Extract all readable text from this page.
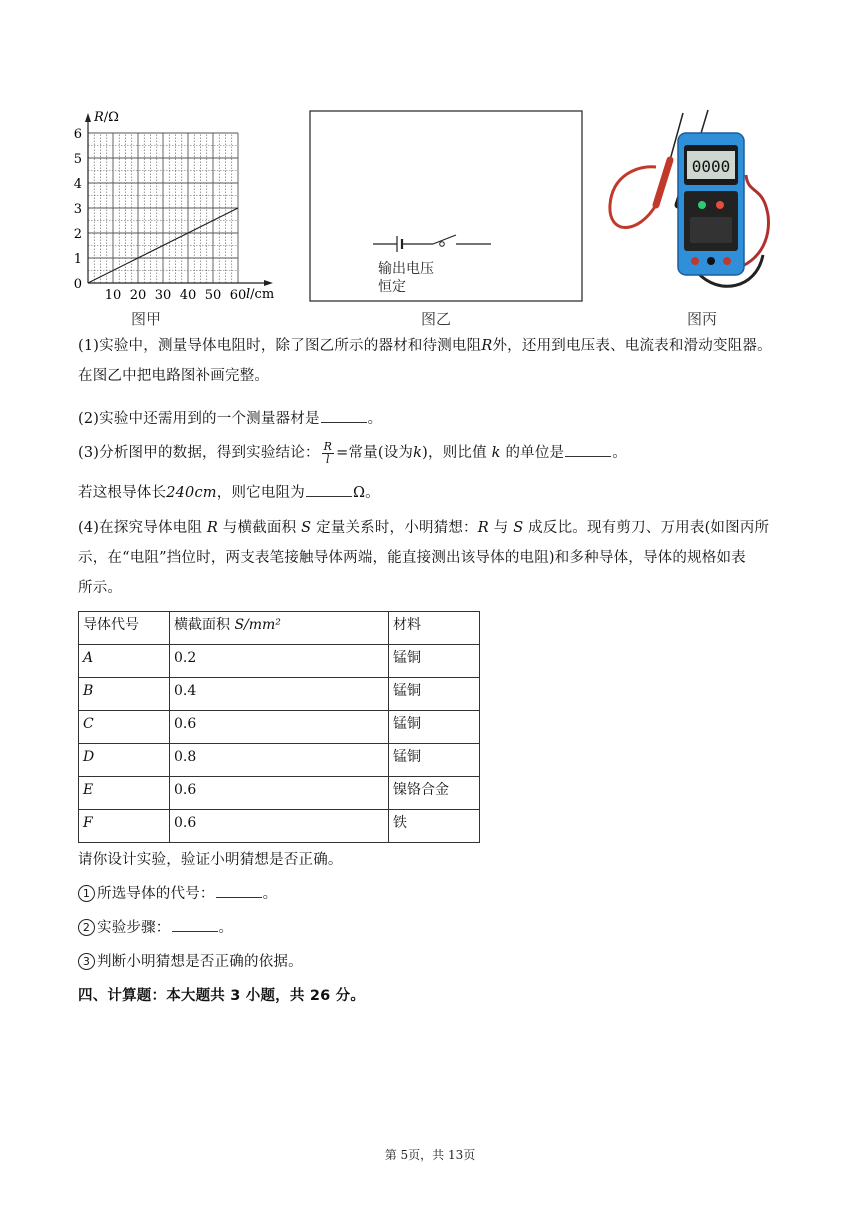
R/Ω
l/cm
0
1
2
3
4
5
6
10 20 30 40 50 60
图甲
输出电压
恒定
图乙
0000
图丙
(1)实验中，测量导体电阻时，除了图乙所示的器材和待测电阻R外，还用到电压表、电流表和滑动变阻器。
在图乙中把电路图补画完整。
(2)实验中还需用到的一个测量器材是	。
(3)分析图甲的数据，得到实验结论： $\frac{R}{l}$ =常量(设为k)，则比值 k 的单位是	。
若这根导体长240cm，则它电阻为	Ω。
(4)在探究导体电阻 R 与横截面积 S 定量关系时，小明猜想：R 与 S 成反比。现有剪刀、万用表(如图丙所
示，在“电阻”挡位时，两支表笔接触导体两端，能直接测出该导体的电阻)和多种导体，导体的规格如表
所示。
导体代号	横截面积 S/mm²	材料
A	0.2	锰铜
B	0.4	锰铜
C	0.6	锰铜
D	0.8	锰铜
E	0.6	镍铬合金
F	0.6	铁
请你设计实验，验证小明猜想是否正确。
1 所选导体的代号：	。
2 实验步骤：	。
3 判断小明猜想是否正确的依据。
四、计算题：本大题共 3 小题，共 26 分。
第 5页，共 13页
